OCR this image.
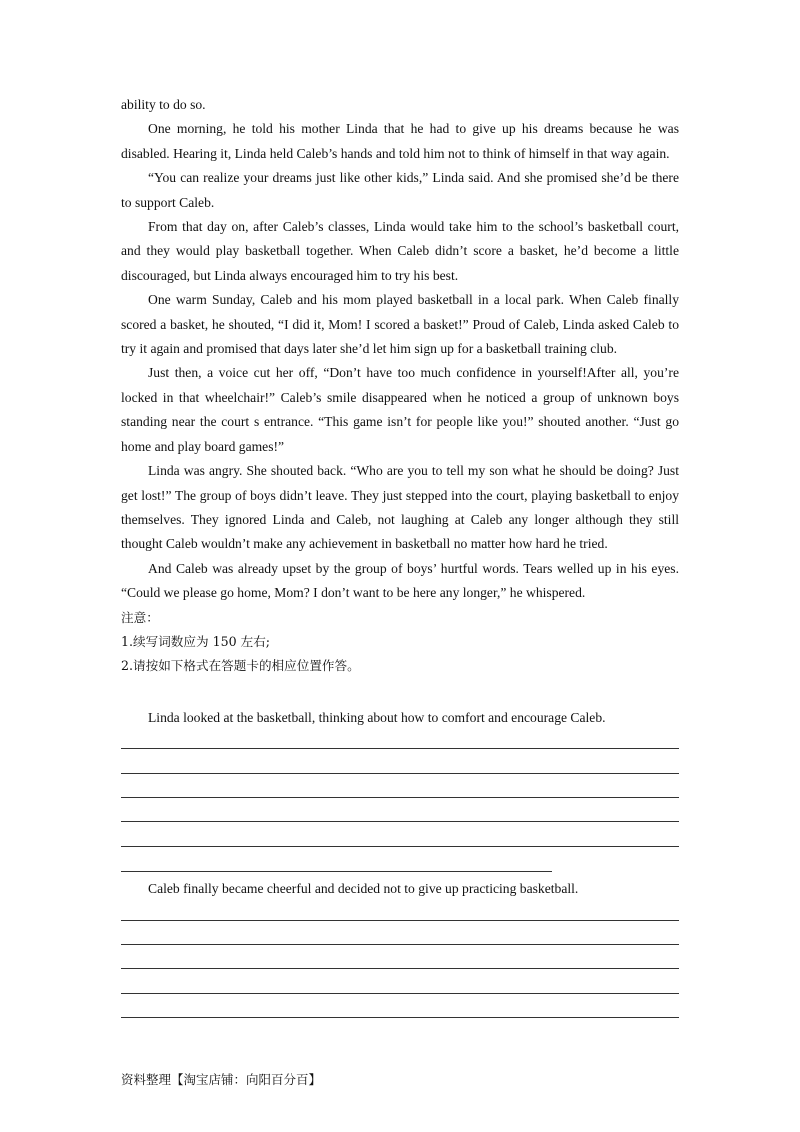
ability to do so.

One morning, he told his mother Linda that he had to give up his dreams because he was disabled. Hearing it, Linda held Caleb’s hands and told him not to think of himself in that way again.

“You can realize your dreams just like other kids,” Linda said. And she promised she’d be there to support Caleb.

From that day on, after Caleb’s classes, Linda would take him to the school’s basketball court, and they would play basketball together. When Caleb didn’t score a basket, he’d become a little discouraged, but Linda always encouraged him to try his best.

One warm Sunday, Caleb and his mom played basketball in a local park. When Caleb finally scored a basket, he shouted, “I did it, Mom! I scored a basket!” Proud of Caleb, Linda asked Caleb to try it again and promised that days later she’d let him sign up for a basketball training club.

Just then, a voice cut her off, “Don’t have too much confidence in yourself!After all, you’re locked in that wheelchair!” Caleb’s smile disappeared when he noticed a group of unknown boys standing near the court s entrance. “This game isn’t for people like you!” shouted another. “Just go home and play board games!”

Linda was angry. She shouted back. “Who are you to tell my son what he should be doing? Just get lost!” The group of boys didn’t leave. They just stepped into the court, playing basketball to enjoy themselves. They ignored Linda and Caleb, not laughing at Caleb any longer although they still thought Caleb wouldn’t make any achievement in basketball no matter how hard he tried.

And Caleb was already upset by the group of boys’ hurtful words. Tears welled up in his eyes. “Could we please go home, Mom? I don’t want to be here any longer,” he whispered.

注意：

1.续写词数应为 150 左右;

2.请按如下格式在答题卡的相应位置作答。

Linda looked at the basketball, thinking about how to comfort and encourage Caleb.

Caleb finally became cheerful and decided not to give up practicing basketball.

资料整理【淘宝店铺：向阳百分百】
